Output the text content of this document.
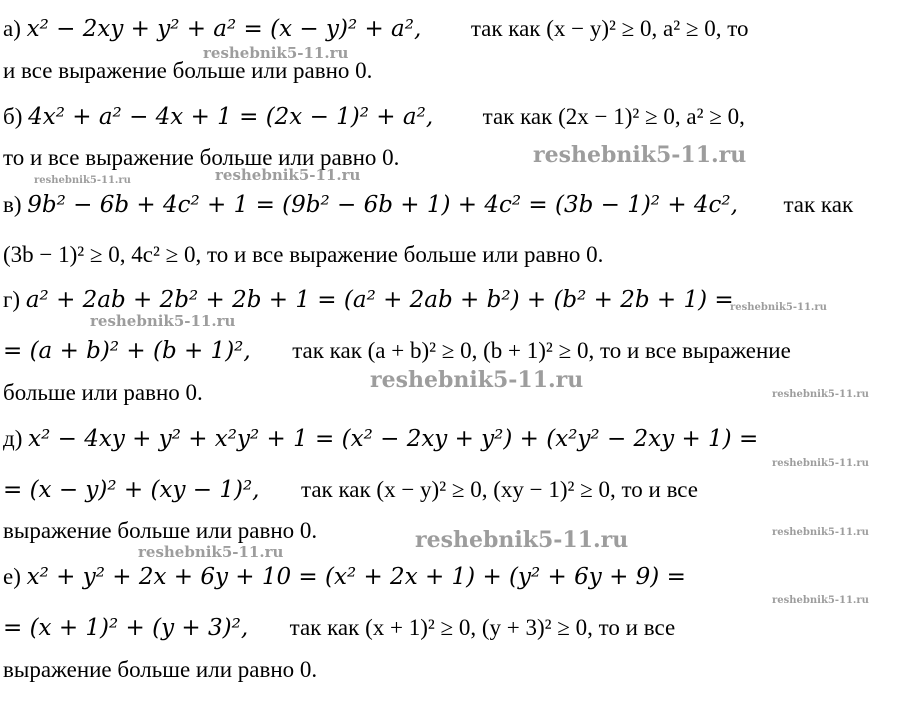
а) x² − 2xy + y² + a² = (x − y)² + a², так как (x − y)² ≥ 0, a² ≥ 0, то
и все выражение больше или равно 0.
б) 4x² + a² − 4x + 1 = (2x − 1)² + a², так как (2x − 1)² ≥ 0, a² ≥ 0,
то и все выражение больше или равно 0.
в) 9b² − 6b + 4c² + 1 = (9b² − 6b + 1) + 4c² = (3b − 1)² + 4c², так как
(3b − 1)² ≥ 0, 4c² ≥ 0, то и все выражение больше или равно 0.
г) a² + 2ab + 2b² + 2b + 1 = (a² + 2ab + b²) + (b² + 2b + 1) =
= (a + b)² + (b + 1)², так как (a + b)² ≥ 0, (b + 1)² ≥ 0, то и все выражение
больше или равно 0.
д) x² − 4xy + y² + x²y² + 1 = (x² − 2xy + y²) + (x²y² − 2xy + 1) =
= (x − y)² + (xy − 1)², так как (x − y)² ≥ 0, (xy − 1)² ≥ 0, то и все
выражение больше или равно 0.
е) x² + y² + 2x + 6y + 10 = (x² + 2x + 1) + (y² + 6y + 9) =
= (x + 1)² + (y + 3)², так как (x + 1)² ≥ 0, (y + 3)² ≥ 0, то и все
выражение больше или равно 0.
reshebnik5-11.ru
reshebnik5-11.ru
reshebnik5-11.ru	reshebnik5-11.ru
reshebnik5-11.ru
reshebnik5-11.ru
reshebnik5-11.ru
reshebnik5-11.ru
reshebnik5-11.ru
reshebnik5-11.ru	reshebnik5-11.ru
reshebnik5-11.ru
reshebnik5-11.ru
